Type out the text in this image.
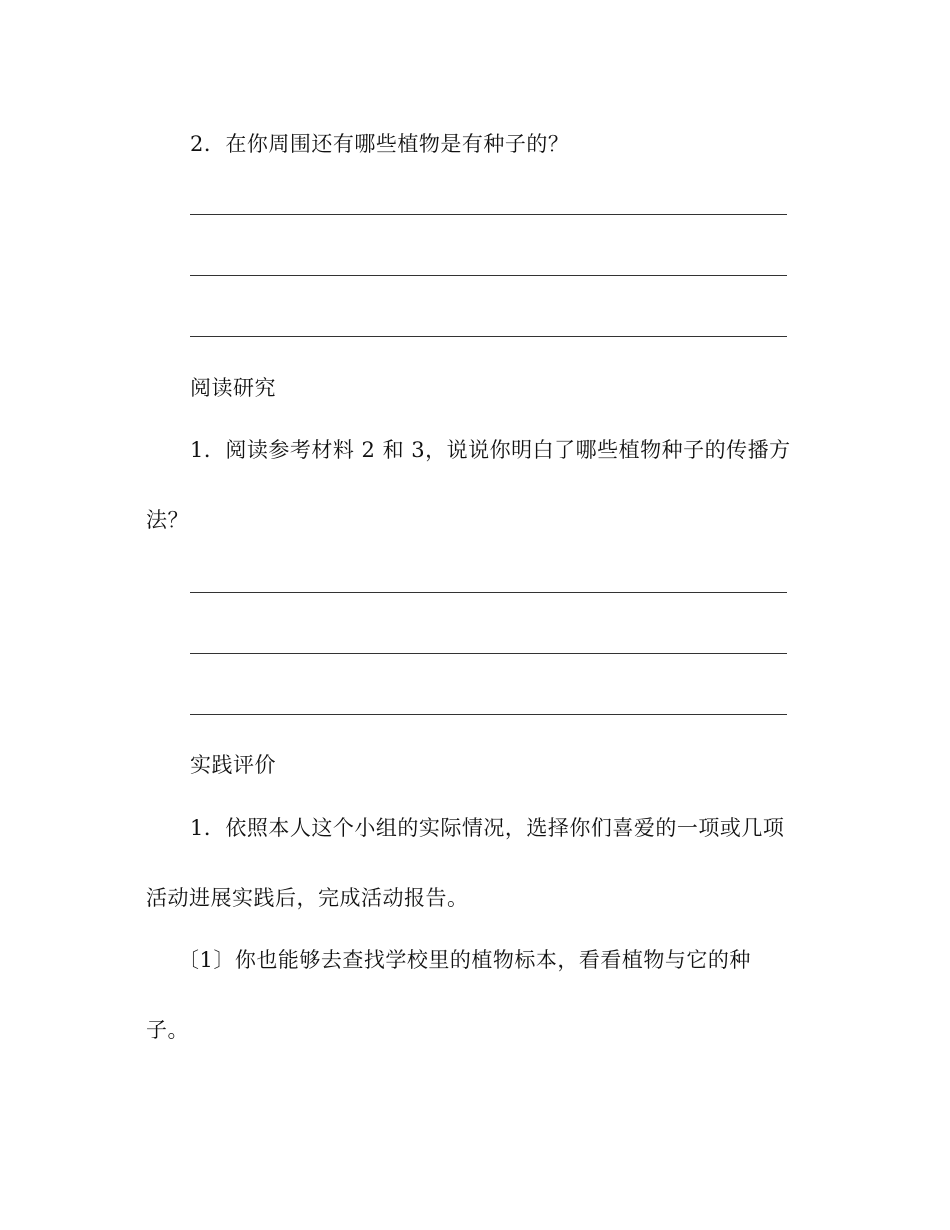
2．在你周围还有哪些植物是有种子的？
阅读研究
1．阅读参考材料 2 和 3，说说你明白了哪些植物种子的传播方
法？
实践评价
1．依照本人这个小组的实际情况，选择你们喜爱的一项或几项
活动进展实践后，完成活动报告。
〔1〕你也能够去查找学校里的植物标本，看看植物与它的种
子。
